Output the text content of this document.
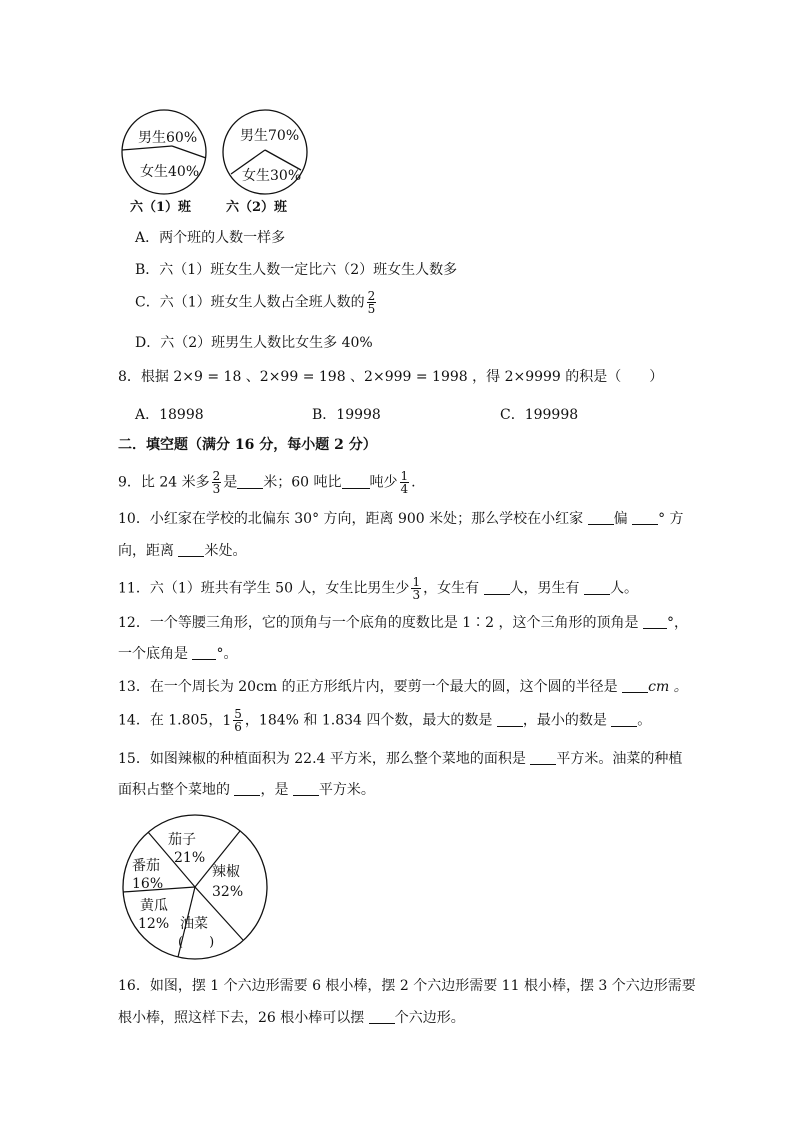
男生60%
女生40%
男生70%
女生30%
六（1）班	六（2）班
A．两个班的人数一样多
B．六（1）班女生人数一定比六（2）班女生人数多
C．六（1）班女生人数占全班人数的 $\frac{2}{5}$
D．六（2）班男生人数比女生多 40%
8．根据 2×9 = 18 、2×99 = 198 、2×999 = 1998 ，得 2×9999 的积是（　　）
A．18998	B．19998	C．199998
二．填空题（满分 16 分，每小题 2 分）
9．比 24 米多 $\frac{2}{3}$ 是 米；60 吨比 吨少 $\frac{1}{4}$ .
10．小红家在学校的北偏东 30° 方向，距离 900 米处；那么学校在小红家 偏 ° 方
向，距离 米处。
11．六（1）班共有学生 50 人，女生比男生少 $\frac{1}{3}$ ，女生有 人，男生有 人。
12．一个等腰三角形，它的顶角与一个底角的度数比是 1∶2 ，这个三角形的顶角是 °，
一个底角是 °。
13．在一个周长为 20cm 的正方形纸片内，要剪一个最大的圆，这个圆的半径是 cm 。
14．在 1.805， $1 \frac{5}{6}$ ，184% 和 1.834 四个数，最大的数是 ，最小的数是 。
15．如图辣椒的种植面积为 22.4 平方米，那么整个菜地的面积是 平方米。油菜的种植
面积占整个菜地的 ，是 平方米。
茄子
21%
番茄
16%
辣椒
32%
黄瓜
12% 油菜
(　　)
16．如图，摆 1 个六边形需要 6 根小棒，摆 2 个六边形需要 11 根小棒，摆 3 个六边形需要
根小棒，照这样下去，26 根小棒可以摆 个六边形。
